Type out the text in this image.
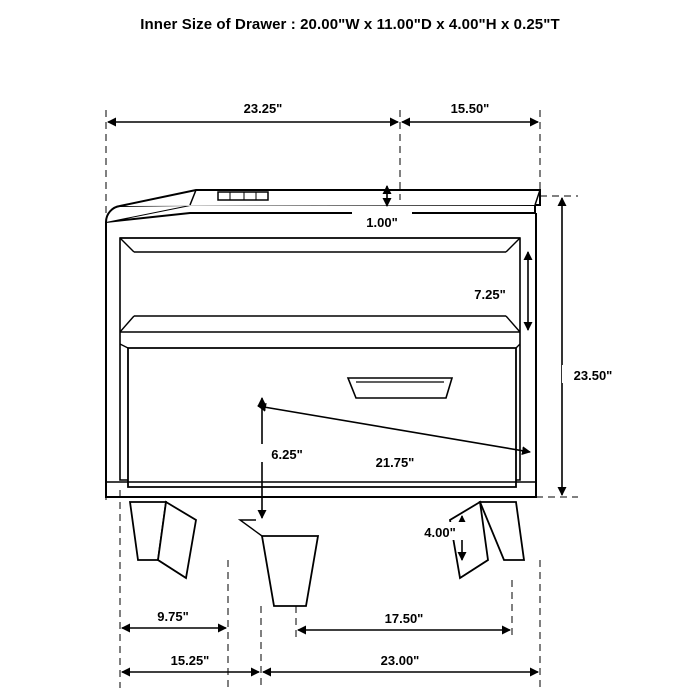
Inner Size of Drawer : 20.00"W x 11.00"D x 4.00"H x 0.25"T
23.25"	15.50"
1.00"
7.25"
23.50"
6.25"
21.75"
4.00"
9.75"
15.25"
17.50"
23.00"
